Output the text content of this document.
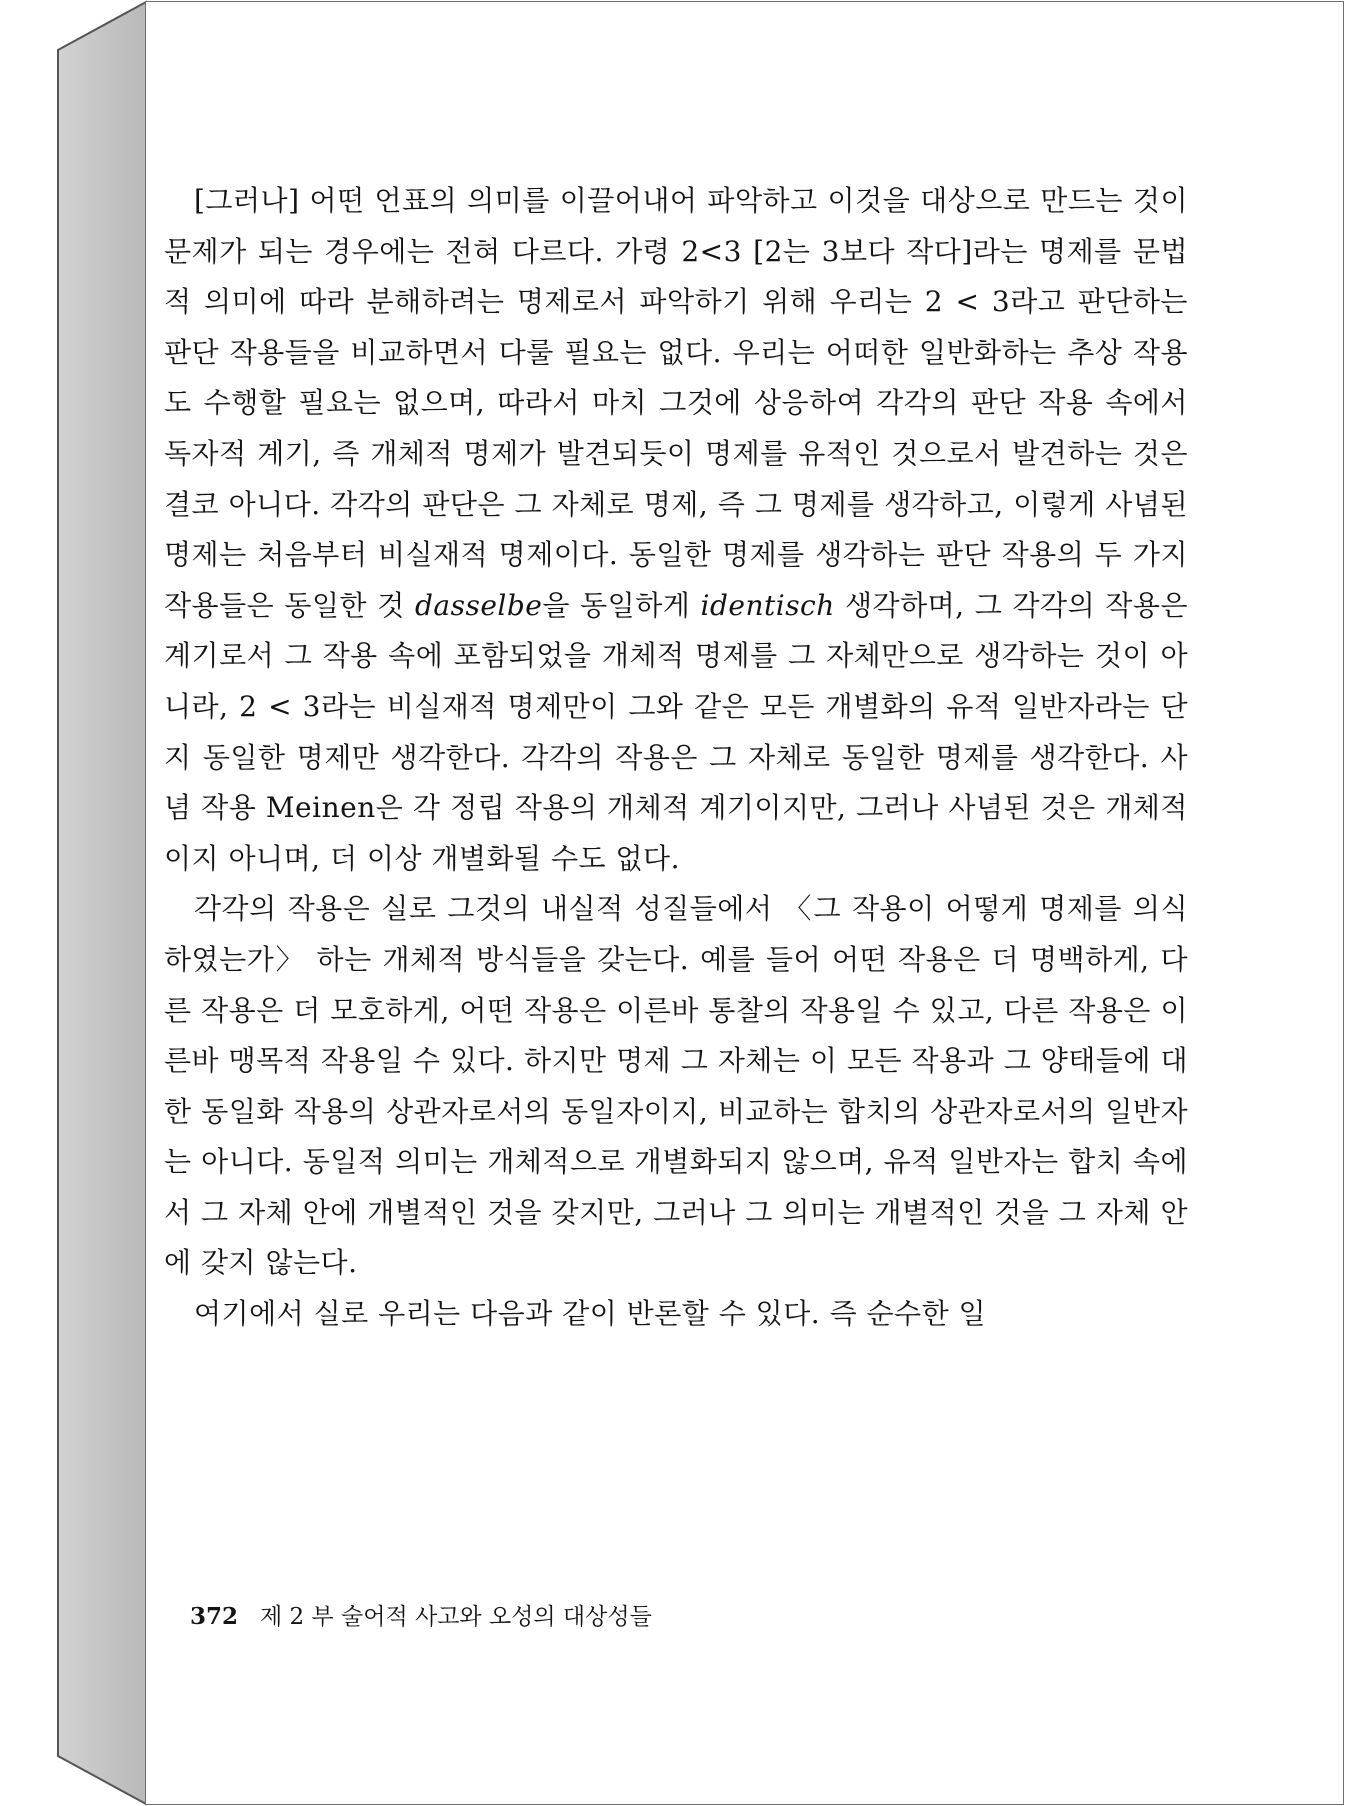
[그러나] 어떤 언표의 의미를 이끌어내어 파악하고 이것을 대상으로 만드는 것이 문제가 되는 경우에는 전혀 다르다. 가령 2<3 [2는 3보다 작다]라는 명제를 문법적 의미에 따라 분해하려는 명제로서 파악하기 위해 우리는 2 < 3라고 판단하는 판단 작용들을 비교하면서 다룰 필요는 없다. 우리는 어떠한 일반화하는 추상 작용도 수행할 필요는 없으며, 따라서 마치 그것에 상응하여 각각의 판단 작용 속에서 독자적 계기, 즉 개체적 명제가 발견되듯이 명제를 유적인 것으로서 발견하는 것은 결코 아니다. 각각의 판단은 그 자체로 명제, 즉 그 명제를 생각하고, 이렇게 사념된 명제는 처음부터 비실재적 명제이다. 동일한 명제를 생각하는 판단 작용의 두 가지 작용들은 동일한 것 dasselbe을 동일하게 identisch 생각하며, 그 각각의 작용은 계기로서 그 작용 속에 포함되었을 개체적 명제를 그 자체만으로 생각하는 것이 아니라, 2 < 3라는 비실재적 명제만이 그와 같은 모든 개별화의 유적 일반자라는 단지 동일한 명제만 생각한다. 각각의 작용은 그 자체로 동일한 명제를 생각한다. 사념 작용 Meinen은 각 정립 작용의 개체적 계기이지만, 그러나 사념된 것은 개체적이지 아니며, 더 이상 개별화될 수도 없다.

각각의 작용은 실로 그것의 내실적 성질들에서 〈그 작용이 어떻게 명제를 의식하였는가〉 하는 개체적 방식들을 갖는다. 예를 들어 어떤 작용은 더 명백하게, 다른 작용은 더 모호하게, 어떤 작용은 이른바 통찰의 작용일 수 있고, 다른 작용은 이른바 맹목적 작용일 수 있다. 하지만 명제 그 자체는 이 모든 작용과 그 양태들에 대한 동일화 작용의 상관자로서의 동일자이지, 비교하는 합치의 상관자로서의 일반자는 아니다. 동일적 의미는 개체적으로 개별화되지 않으며, 유적 일반자는 합치 속에서 그 자체 안에 개별적인 것을 갖지만, 그러나 그 의미는 개별적인 것을 그 자체 안에 갖지 않는다.

여기에서 실로 우리는 다음과 같이 반론할 수 있다. 즉 순수한 일

372 제 2 부 술어적 사고와 오성의 대상성들
